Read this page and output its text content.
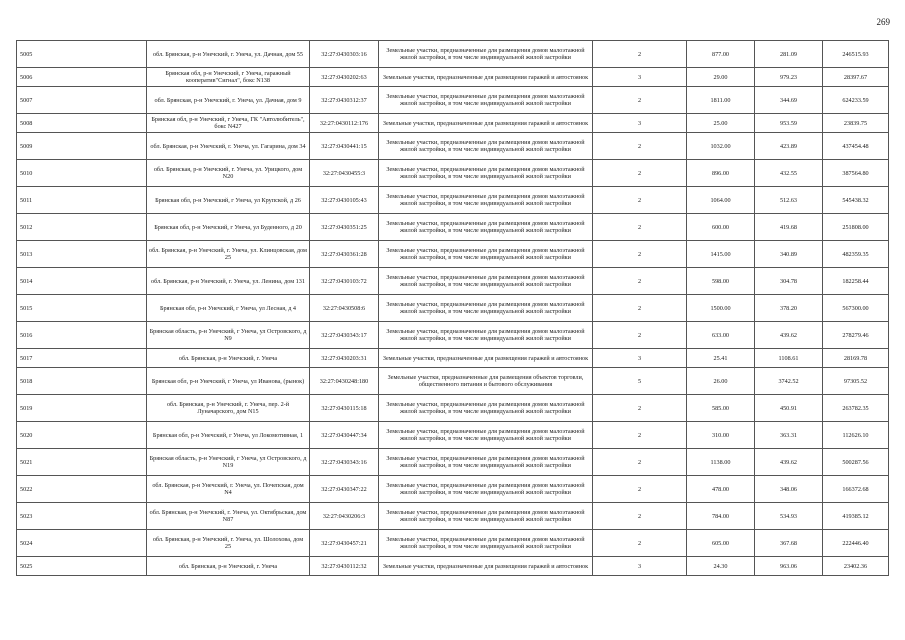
269
5005	обл. Брянская, р-н Унечский, г. Унеча, ул. Дачная, дом 55	32:27:0430303:16	Земельные участки, предназначенные для размещения домов малоэтажной жилой застройки, в том числе индивидуальной жилой застройки	2	877.00	281.09	246515.93
5006	Брянская обл, р-н Унечский, г Унеча, гаражный кооператив"Сигнал", бокс N138	32:27:0430202:63	Земельные участки, предназначенные для размещения гаражей и автостоянок	3	29.00	979.23	28397.67
5007	обл. Брянская, р-н Унечский, г. Унеча, ул. Дачная, дом 9	32:27:0430312:37	Земельные участки, предназначенные для размещения домов малоэтажной жилой застройки, в том числе индивидуальной жилой застройки	2	1811.00	344.69	624233.59
5008	Брянская обл, р-н Унечский, г Унеча, ГК "Автолюбитель", бокс N427	32:27:0430112:176	Земельные участки, предназначенные для размещения гаражей и автостоянок	3	25.00	953.59	23839.75
5009	обл. Брянская, р-н Унечский, г. Унеча, ул. Гагарина, дом 34	32:27:0430441:15	Земельные участки, предназначенные для размещения домов малоэтажной жилой застройки, в том числе индивидуальной жилой застройки	2	1032.00	423.89	437454.48
5010	обл. Брянская, р-н Унечский, г. Унеча, ул. Урицкого, дом N20	32:27:0430455:3	Земельные участки, предназначенные для размещения домов малоэтажной жилой застройки, в том числе индивидуальной жилой застройки	2	896.00	432.55	387564.80
5011	Брянская обл, р-н Унечский, г Унеча, ул Крупской, д 26	32:27:0430105:43	Земельные участки, предназначенные для размещения домов малоэтажной жилой застройки, в том числе индивидуальной жилой застройки	2	1064.00	512.63	545438.32
5012	Брянская обл, р-н Унечский, г Унеча, ул Буденного, д 20	32:27:0430351:25	Земельные участки, предназначенные для размещения домов малоэтажной жилой застройки, в том числе индивидуальной жилой застройки	2	600.00	419.68	251808.00
5013	обл. Брянская, р-н Унечский, г. Унеча, ул. Клинцовская, дом 25	32:27:0430361:28	Земельные участки, предназначенные для размещения домов малоэтажной жилой застройки, в том числе индивидуальной жилой застройки	2	1415.00	340.89	482359.35
5014	обл. Брянская, р-н Унечский, г. Унеча, ул. Ленина, дом 131	32:27:0430103:72	Земельные участки, предназначенные для размещения домов малоэтажной жилой застройки, в том числе индивидуальной жилой застройки	2	598.00	304.78	182258.44
5015	Брянская обл, р-н Унечский, г Унеча, ул Лесная, д 4	32:27:0430508:6	Земельные участки, предназначенные для размещения домов малоэтажной жилой застройки, в том числе индивидуальной жилой застройки	2	1500.00	378.20	567300.00
5016	Брянская область, р-н Унечский, г Унеча, ул Островского, д N9	32:27:0430343:17	Земельные участки, предназначенные для размещения домов малоэтажной жилой застройки, в том числе индивидуальной жилой застройки	2	633.00	439.62	278279.46
5017	обл. Брянская, р-н Унечский, г. Унеча	32:27:0430203:31	Земельные участки, предназначенные для размещения гаражей и автостоянок	3	25.41	1108.61	28169.78
5018	Брянская обл, р-н Унечский, г Унеча, ул Иванова, (рынок)	32:27:0430248:180	Земельные участки, предназначенные для размещения объектов торговли, общественного питания и бытового обслуживания	5	26.00	3742.52	97305.52
5019	обл. Брянская, р-н Унечский, г. Унеча, пер. 2-й Луначарского, дом N15	32:27:0430115:18	Земельные участки, предназначенные для размещения домов малоэтажной жилой застройки, в том числе индивидуальной жилой застройки	2	585.00	450.91	263782.35
5020	Брянская обл, р-н Унечский, г Унеча, ул Локомотивная, 1	32:27:0430447:34	Земельные участки, предназначенные для размещения домов малоэтажной жилой застройки, в том числе индивидуальной жилой застройки	2	310.00	363.31	112626.10
5021	Брянская область, р-н Унечский, г Унеча, ул Островского, д N19	32:27:0430343:16	Земельные участки, предназначенные для размещения домов малоэтажной жилой застройки, в том числе индивидуальной жилой застройки	2	1138.00	439.62	500287.56
5022	обл. Брянская, р-н Унечский, г. Унеча, ул. Почепская, дом N4	32:27:0430347:22	Земельные участки, предназначенные для размещения домов малоэтажной жилой застройки, в том числе индивидуальной жилой застройки	2	478.00	348.06	166372.68
5023	обл. Брянская, р-н Унечский, г. Унеча, ул. Октябрьская, дом N87	32:27:0430206:3	Земельные участки, предназначенные для размещения домов малоэтажной жилой застройки, в том числе индивидуальной жилой застройки	2	784.00	534.93	419385.12
5024	обл. Брянская, р-н Унечский, г. Унеча, ул. Шолохова, дом 25	32:27:0430457:21	Земельные участки, предназначенные для размещения домов малоэтажной жилой застройки, в том числе индивидуальной жилой застройки	2	605.00	367.68	222446.40
5025	обл. Брянская, р-н Унечский, г. Унеча	32:27:0430112:32	Земельные участки, предназначенные для размещения гаражей и автостоянок	3	24.30	963.06	23402.36
